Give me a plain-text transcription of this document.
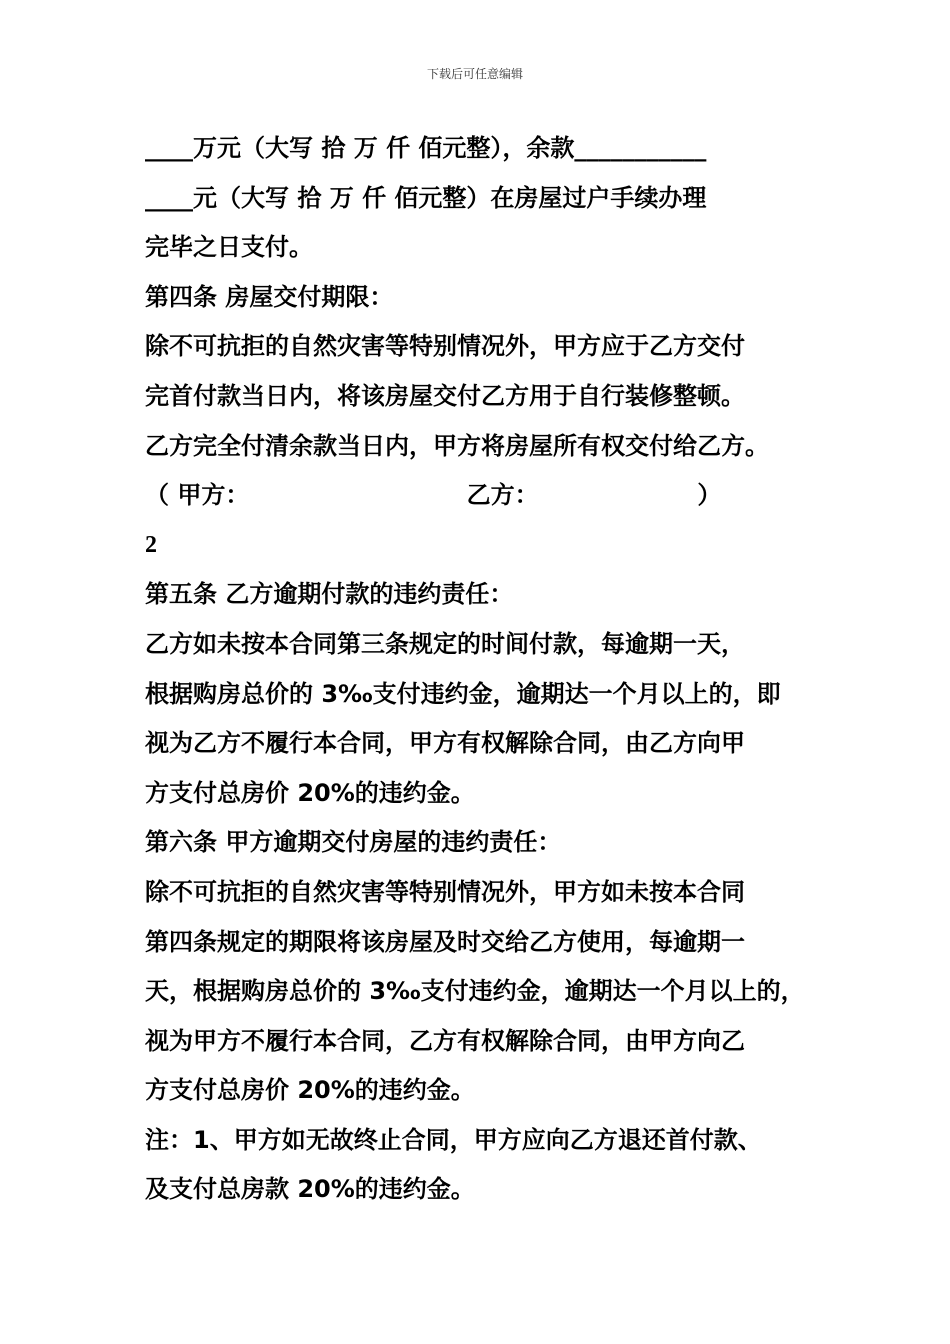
下载后可任意编辑
____万元（大写 拾 万 仟 佰元整），余款___________
____元（大写 拾 万 仟 佰元整）在房屋过户手续办理
完毕之日支付。
第四条 房屋交付期限：
除不可抗拒的自然灾害等特别情况外，甲方应于乙方交付
完首付款当日内，将该房屋交付乙方用于自行装修整顿。
乙方完全付清余款当日内，甲方将房屋所有权交付给乙方。
（ 甲方：                          乙方：                   ）
2
第五条 乙方逾期付款的违约责任：
乙方如未按本合同第三条规定的时间付款，每逾期一天，
根据购房总价的 3‰支付违约金，逾期达一个月以上的，即
视为乙方不履行本合同，甲方有权解除合同，由乙方向甲
方支付总房价 20%的违约金。
第六条 甲方逾期交付房屋的违约责任：
除不可抗拒的自然灾害等特别情况外，甲方如未按本合同
第四条规定的期限将该房屋及时交给乙方使用，每逾期一
天，根据购房总价的 3‰支付违约金，逾期达一个月以上的，
视为甲方不履行本合同，乙方有权解除合同，由甲方向乙
方支付总房价 20%的违约金。
注：1、甲方如无故终止合同，甲方应向乙方退还首付款、
及支付总房款 20%的违约金。
